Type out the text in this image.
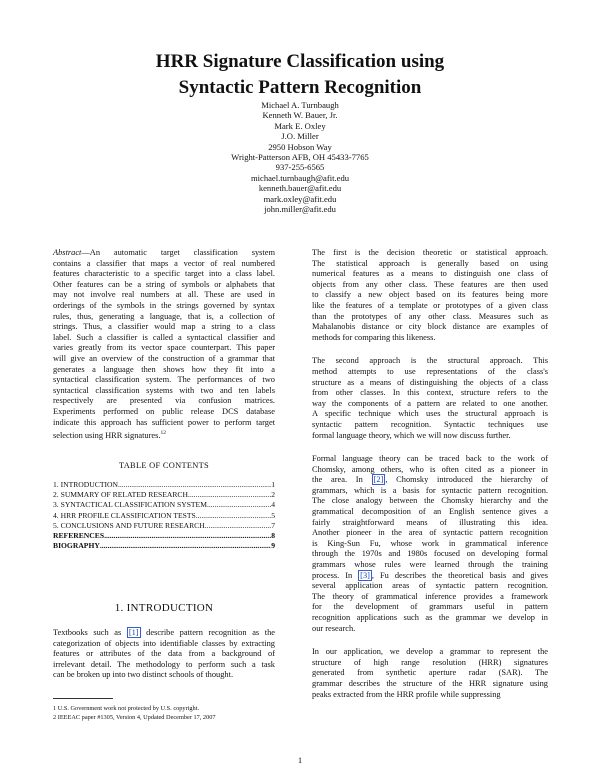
HRR Signature Classification using
Syntactic Pattern Recognition
Michael A. Turnbaugh
Kenneth W. Bauer, Jr.
Mark E. Oxley
J.O. Miller
2950 Hobson Way
Wright-Patterson AFB, OH 45433-7765
937-255-6565
michael.turnbaugh@afit.edu
kenneth.bauer@afit.edu
mark.oxley@afit.edu
john.miller@afit.edu
Abstract—An automatic target classification system
contains a classifier that maps a vector of real numbered
features characteristic to a specific target into a class label.
Other features can be a string of symbols or alphabets that
may not involve real numbers at all. These are used in
orderings of the symbols in the strings governed by syntax
rules, thus, generating a language, that is, a collection of
strings. Thus, a classifier would map a string to a class
label. Such a classifier is called a syntactical classifier and
varies greatly from its vector space counterpart. This paper
will give an overview of the construction of a grammar that
generates a language then shows how they fit into a
syntactical classification system. The performances of two
syntactical classification systems with two and ten labels
respectively are presented via confusion matrices.
Experiments performed on public release DCS database
indicate this approach has sufficient power to perform target
selection using HRR signatures.$^{12}$

TABLE OF CONTENTS

1. INTRODUCTION .....	1
2. SUMMARY OF RELATED RESEARCH .....	2
3. SYNTACTICAL CLASSIFICATION SYSTEM .....	4
4. HRR PROFILE CLASSIFICATION TESTS .....	5
5. CONCLUSIONS AND FUTURE RESEARCH .....	7
REFERENCES .....	8
BIOGRAPHY .....	9
1. INTRODUCTION
Textbooks such as [1] describe pattern recognition as the
categorization of objects into identifiable classes by extracting
features or attributes of the data from a background of
irrelevant detail. The methodology to perform such a task
can be broken up into two distinct schools of thought.
1 U.S. Government work not protected by U.S. copyright.
2 IEEEAC paper #1305, Version 4, Updated December 17, 2007
The first is the decision theoretic or statistical approach.
The statistical approach is generally based on using
numerical features as a means to distinguish one class of
objects from any other class. These features are then used
to classify a new object based on its features being more
like the features of a template or prototypes of a given class
than the prototypes of any other class. Measures such as
Mahalanobis distance or city block distance are examples of
methods for comparing this likeness.
The second approach is the structural approach. This
method attempts to use representations of the class's
structure as a means of distinguishing the objects of a class
from other classes. In this context, structure refers to the
way the components of a pattern are related to one another.
A specific technique which uses the structural approach is
syntactic pattern recognition. Syntactic techniques use
formal language theory, which we will now discuss further.
Formal language theory can be traced back to the work of
Chomsky, among others, who is often cited as a pioneer in
the area. In [2] , Chomsky introduced the hierarchy of
grammars, which is a basis for syntactic pattern recognition.
The close analogy between the Chomsky hierarchy and the
grammatical decomposition of an English sentence gives a
fairly straightforward means of illustrating this idea.
Another pioneer in the area of syntactic pattern recognition
is King-Sun Fu, whose work in grammatical inference
through the 1970s and 1980s focused on developing formal
grammars whose rules were learned through the training
process. In [3] , Fu describes the theoretical basis and gives
several application areas of syntactic pattern recognition.
The theory of grammatical inference provides a framework
for the development of grammars useful in pattern
recognition applications such as the grammar we develop in
our research.
In our application, we develop a grammar to represent the
structure of high range resolution (HRR) signatures
generated from synthetic aperture radar (SAR). The
grammar describes the structure of the HRR signature using
peaks extracted from the HRR profile while suppressing
1
